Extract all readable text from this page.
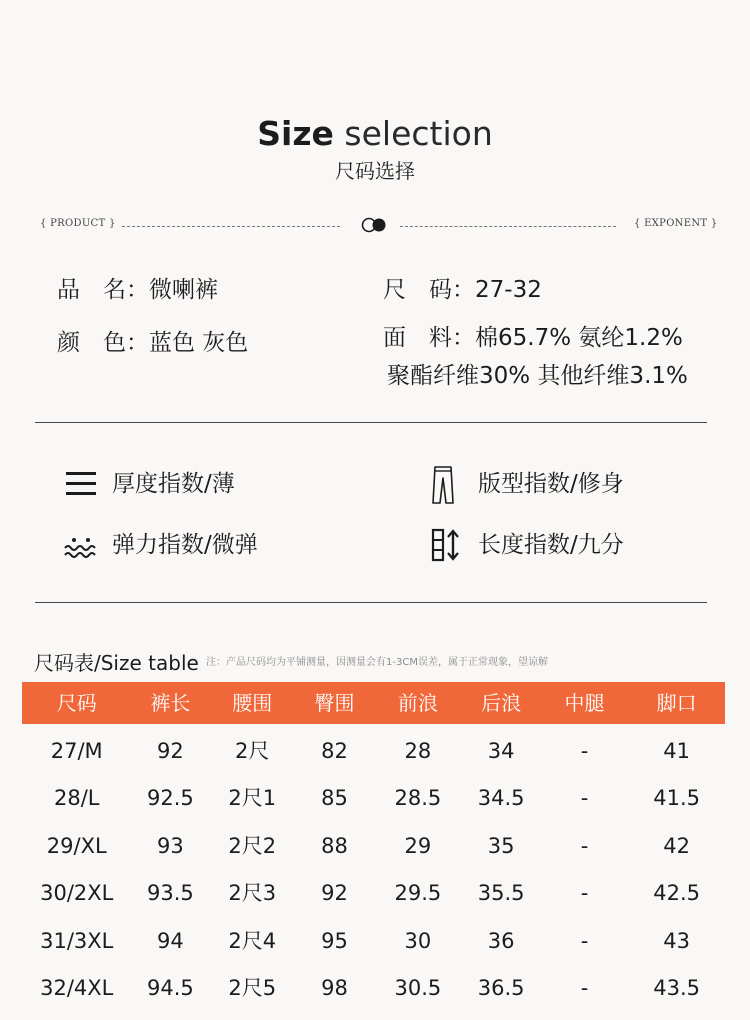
Size selection
尺码选择
{ PRODUCT }	{ EXPONENT }
品　名：微喇裤
颜　色：蓝色 灰色
尺　码：27-32
面　料：棉65.7% 氨纶1.2%
聚酯纤维30% 其他纤维3.1%
厚度指数/薄	版型指数/修身
弹力指数/微弹	长度指数/九分
尺码表/Size table 注：产品尺码均为平铺测量，因测量会有1-3CM误差，属于正常现象，望谅解
尺码	裤长	腰围	臀围	前浪	后浪	中腿	脚口
27/M	92	2尺	82	28	34	-	41
28/L	92.5	2尺1	85	28.5	34.5	-	41.5
29/XL	93	2尺2	88	29	35	-	42
30/2XL	93.5	2尺3	92	29.5	35.5	-	42.5
31/3XL	94	2尺4	95	30	36	-	43
32/4XL	94.5	2尺5	98	30.5	36.5	-	43.5
